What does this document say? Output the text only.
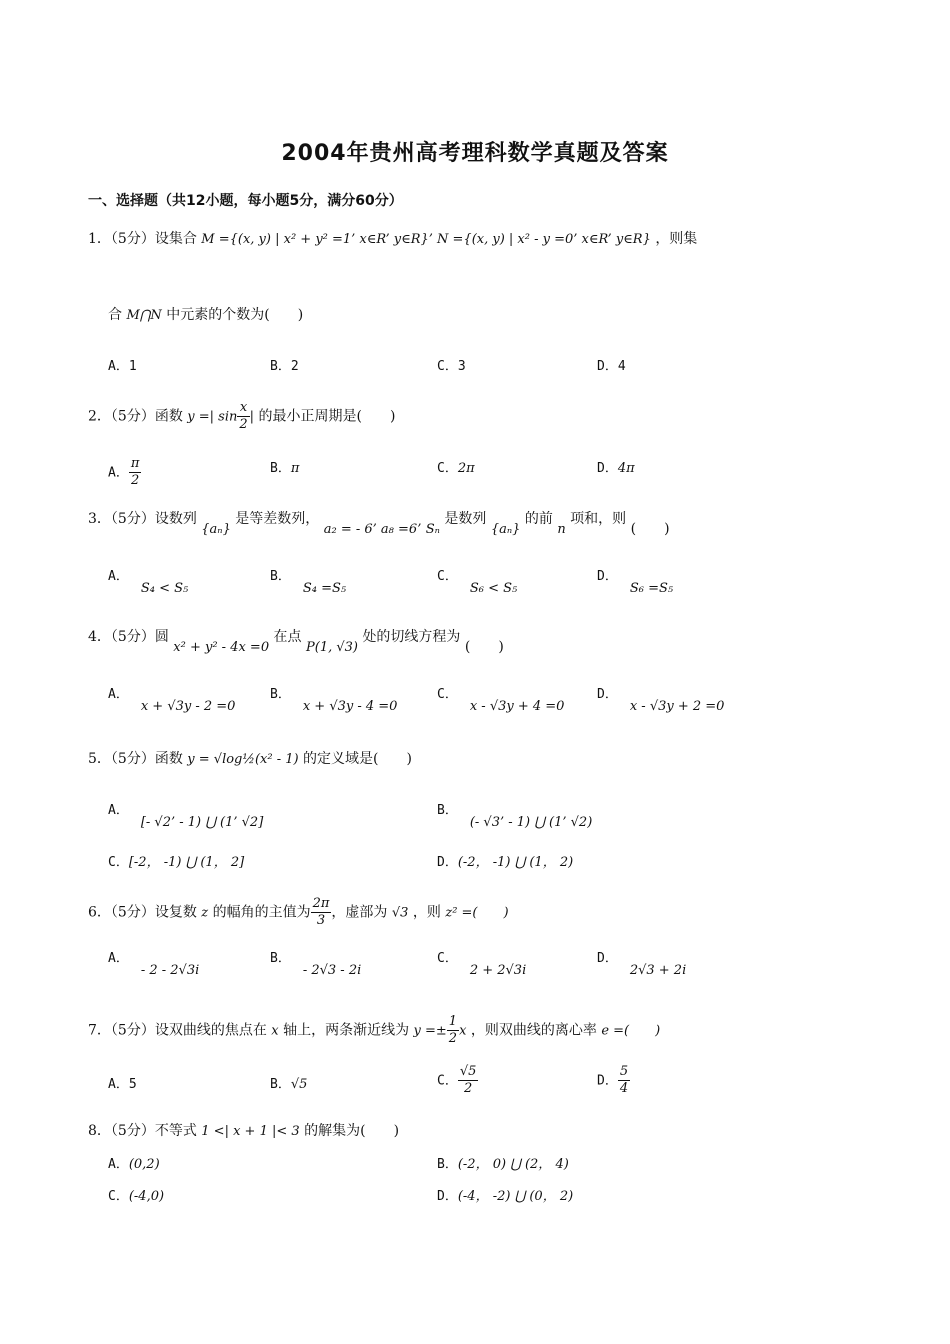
2004年贵州高考理科数学真题及答案
一、选择题（共12小题，每小题5分，满分60分）
1．（5分）设集合 M ={(x, y) | x² + y² =1’ x∈R’ y∈R}’ N ={(x, y) | x² - y =0’ x∈R’ y∈R} ，则集
合 M⋂N 中元素的个数为(　　)
A．1	B．2	C．3	D．4
2．（5分）函数 y =| $\sin \frac{x}{2}$ | 的最小正周期是(　　)
A． $\frac{\pi}{2}$	B．π	C．2π	D．4π
3．（5分）设数列 {aₙ} 是等差数列， a₂ = - 6’ a₈ =6’ Sₙ 是数列 {aₙ} 的前 n 项和，则 (　　)
A．S₄ < S₅
B．S₄ =S₅
C．S₆ < S₅
D．S₆ =S₅
4．（5分）圆 x² + y² - 4x =0 在点 P(1, √3) 处的切线方程为 (　　)
A．x + √3y - 2 =0
B．x + √3y - 4 =0
C．x - √3y + 4 =0
D．x - √3y + 2 =0
5．（5分）函数 y = √log½(x² - 1) 的定义域是(　　)
A．[- √2’ - 1) ⋃ (1’ √2]
B．(- √3’ - 1) ⋃ (1’ √2)
C．[-2， -1) ⋃ (1， 2]	D．(-2， -1) ⋃ (1， 2)
6．（5分）设复数 z 的幅角的主值为 $\frac{2\pi}{3}$ ，虚部为 √3 ，则 z² =(　　)
A．- 2 - 2√3i
B．- 2√3 - 2i
C．2 + 2√3i
D．2√3 + 2i
7．（5分）设双曲线的焦点在 x 轴上，两条渐近线为 $y =\pm \frac{1}{2}$ x ，则双曲线的离心率 e =(　　)
A．5	B．√5	C． $\frac{√5}{2}$	D． $\frac{5}{4}$
8．（5分）不等式 1 <| x + 1 |< 3 的解集为(　　)
A．(0,2)	B．(-2， 0) ⋃ (2， 4)
C．(-4,0)	D．(-4， -2) ⋃ (0， 2)
